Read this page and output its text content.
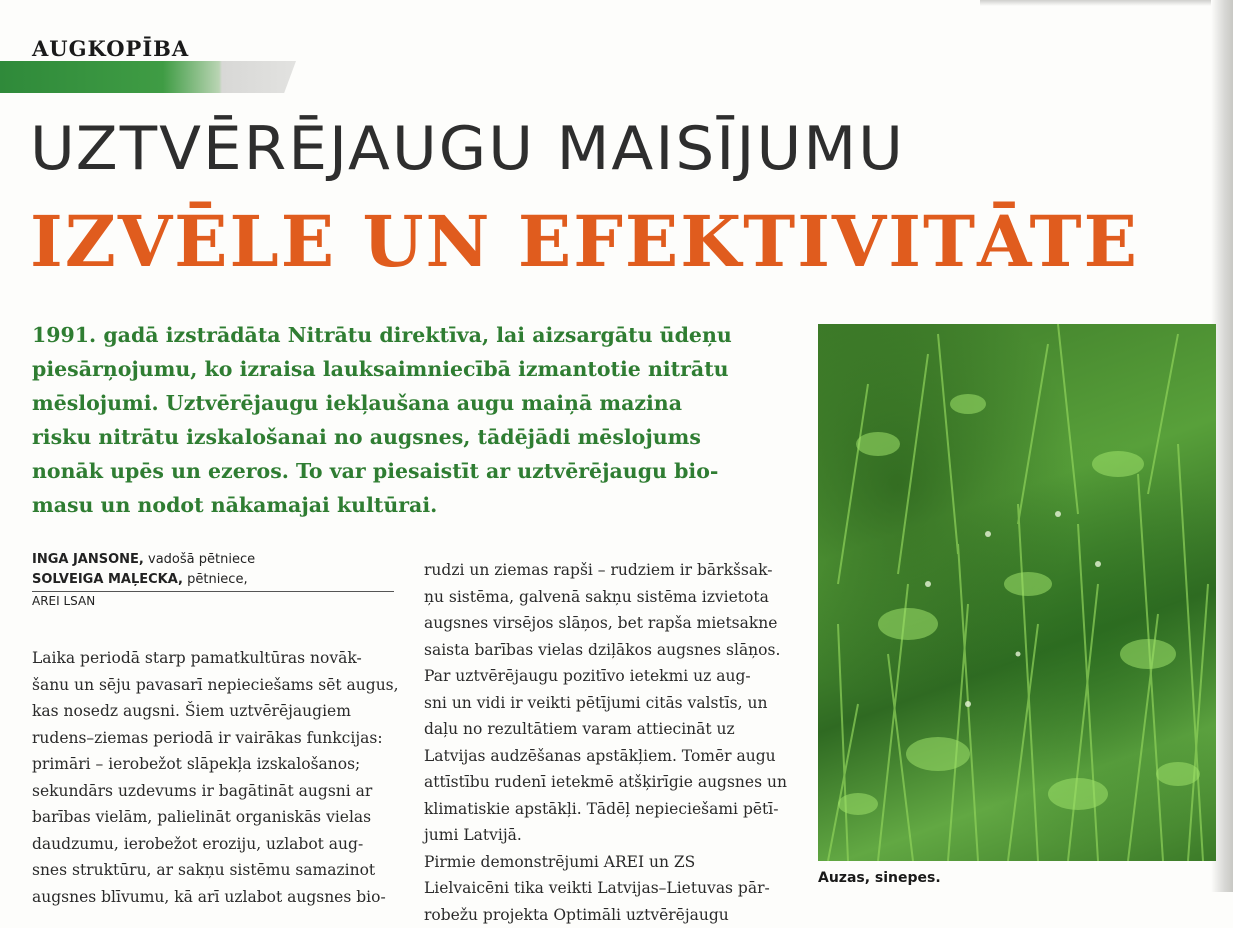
AUGKOPĪBA
UZTVĒRĒJAUGU MAISĪJUMU
IZVĒLE UN EFEKTIVITĀTE
1991. gadā izstrādāta Nitrātu direktīva, lai aizsargātu ūdeņu
piesārņojumu, ko izraisa lauksaimniecībā izmantotie nitrātu
mēslojumi. Uztvērējaugu iekļaušana augu maiņā mazina
risku nitrātu izskalošanai no augsnes, tādējādi mēslojums
nonāk upēs un ezeros. To var piesaistīt ar uztvērējaugu bio-
masu un nodot nākamajai kultūrai.
INGA JANSONE, vadošā pētniece
SOLVEIGA MAĻECKA, pētniece,
AREI LSAN
Laika periodā starp pamatkultūras novāk-
šanu un sēju pavasarī nepieciešams sēt augus,
kas nosedz augsni. Šiem uztvērējaugiem
rudens–ziemas periodā ir vairākas funkcijas:
primāri – ierobežot slāpekļa izskalošanos;
sekundārs uzdevums ir bagātināt augsni ar
barības vielām, palielināt organiskās vielas
daudzumu, ierobežot eroziju, uzlabot aug-
snes struktūru, ar sakņu sistēmu samazinot
augsnes blīvumu, kā arī uzlabot augsnes bio-
rudzi un ziemas rapši – rudziem ir bārkšsak-
ņu sistēma, galvenā sakņu sistēma izvietota
augsnes virsējos slāņos, bet rapša mietsakne
saista barības vielas dziļākos augsnes slāņos.
Par uztvērējaugu pozitīvo ietekmi uz aug-
sni un vidi ir veikti pētījumi citās valstīs, un
daļu no rezultātiem varam attiecināt uz
Latvijas audzēšanas apstākļiem. Tomēr augu
attīstību rudenī ietekmē atšķirīgie augsnes un
klimatiskie apstākļi. Tādēļ nepieciešami pētī-
jumi Latvijā.
Pirmie demonstrējumi AREI un ZS
Lielvaicēni tika veikti Latvijas–Lietuvas pār-
robežu projekta Optimāli uztvērējaugu
Auzas, sinepes.
